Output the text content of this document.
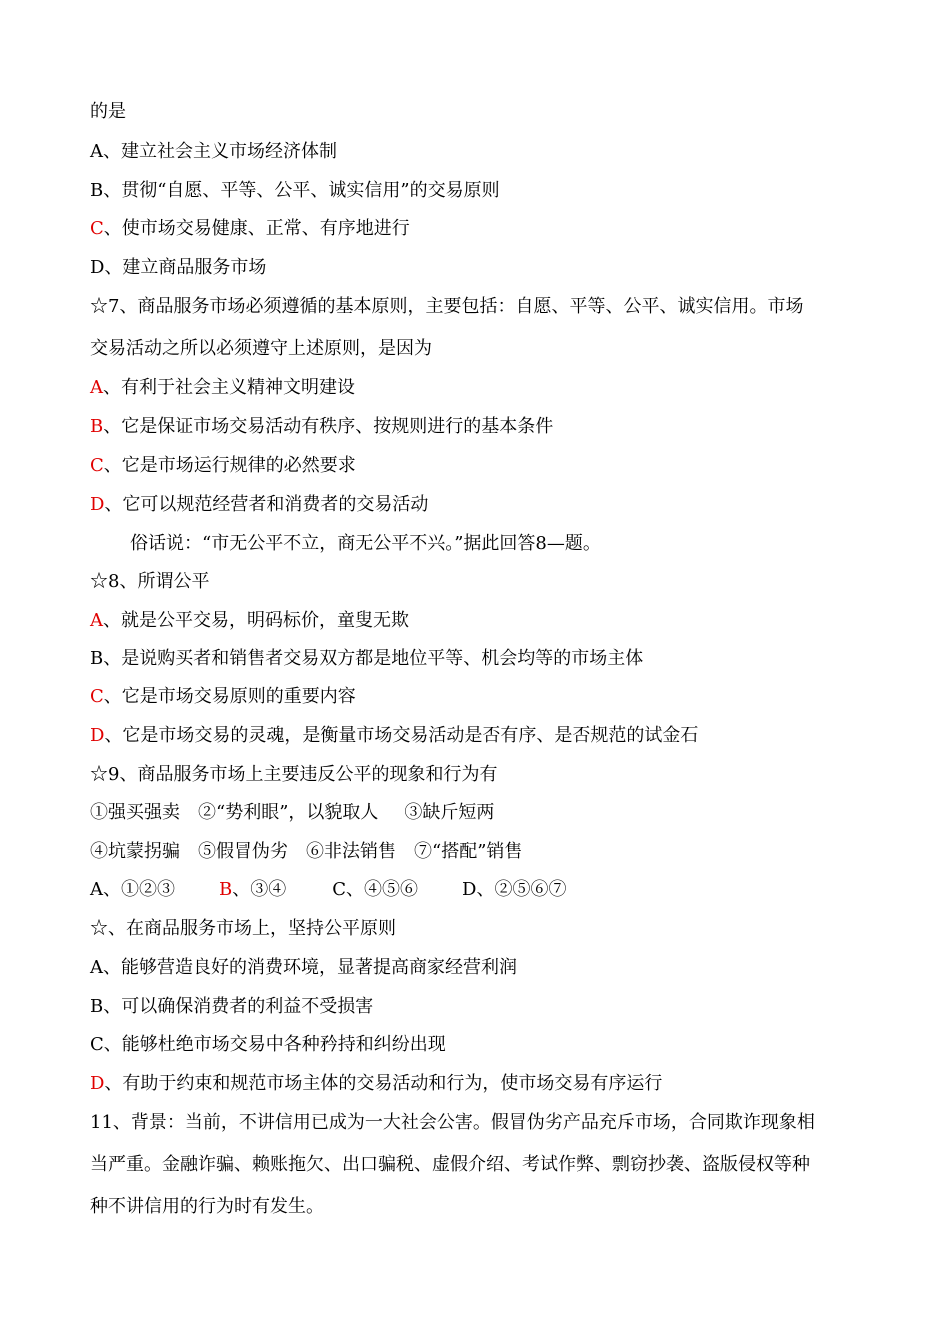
的是
A、建立社会主义市场经济体制
B、贯彻“自愿、平等、公平、诚实信用”的交易原则
C、使市场交易健康、正常、有序地进行
D、建立商品服务市场
☆7、商品服务市场必须遵循的基本原则，主要包括：自愿、平等、公平、诚实信用。市场
交易活动之所以必须遵守上述原则，是因为
A、有利于社会主义精神文明建设
B、它是保证市场交易活动有秩序、按规则进行的基本条件
C、它是市场运行规律的必然要求
D、它可以规范经营者和消费者的交易活动
俗话说：“市无公平不立，商无公平不兴。”据此回答8—题。
☆8、所谓公平
A、就是公平交易，明码标价，童叟无欺
B、是说购买者和销售者交易双方都是地位平等、机会均等的市场主体
C、它是市场交易原则的重要内容
D、它是市场交易的灵魂，是衡量市场交易活动是否有序、是否规范的试金石
☆9、商品服务市场上主要违反公平的现象和行为有
①强买强卖 ②“势利眼”，以貌取人 ③缺斤短两
④坑蒙拐骗 ⑤假冒伪劣 ⑥非法销售 ⑦“搭配”销售
A、①②③ B、③④	C、④⑤⑥ D、②⑤⑥⑦
☆、在商品服务市场上，坚持公平原则
A、能够营造良好的消费环境，显著提高商家经营利润
B、可以确保消费者的利益不受损害
C、能够杜绝市场交易中各种矜持和纠纷出现
D、有助于约束和规范市场主体的交易活动和行为，使市场交易有序运行
11、背景：当前，不讲信用已成为一大社会公害。假冒伪劣产品充斥市场，合同欺诈现象相
当严重。金融诈骗、赖账拖欠、出口骗税、虚假介绍、考试作弊、剽窃抄袭、盗版侵权等种
种不讲信用的行为时有发生。
